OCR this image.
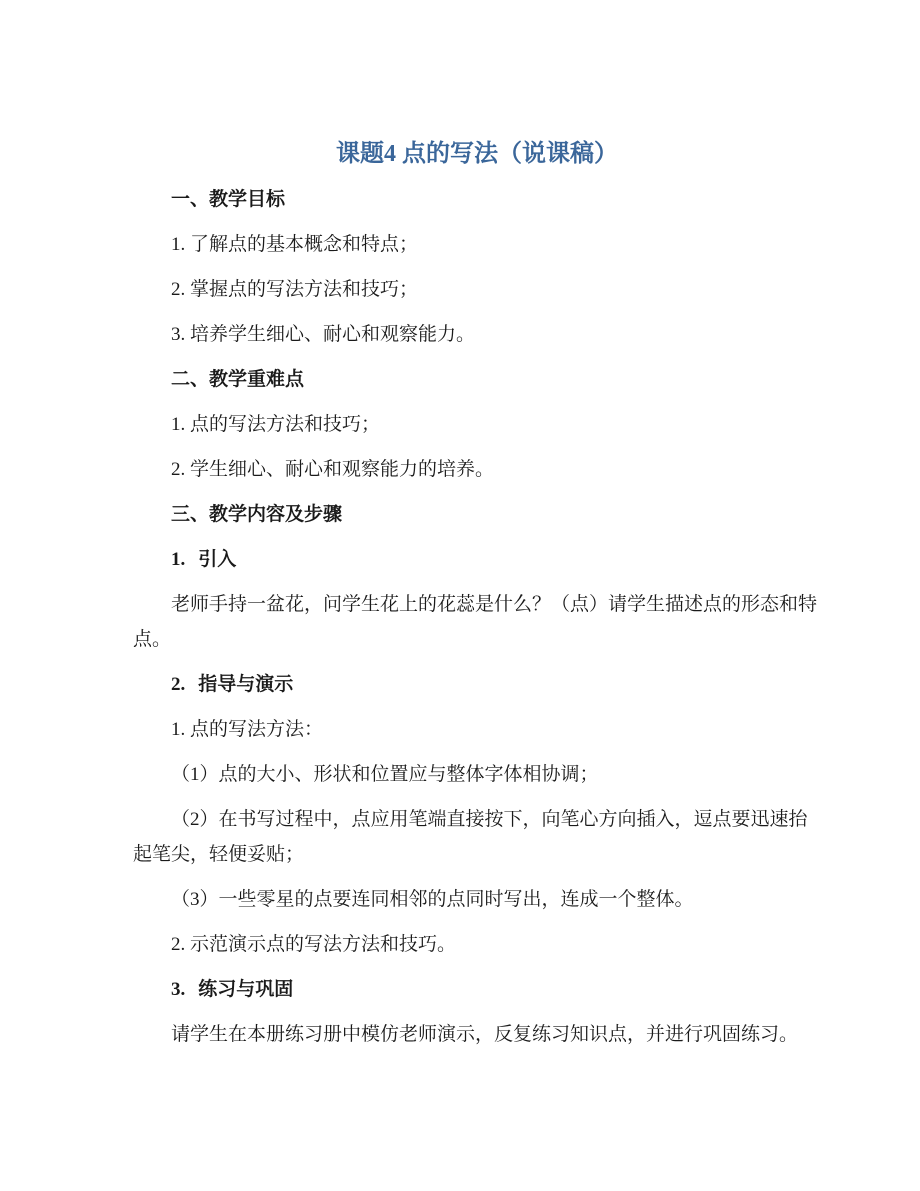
课题4 点的写法（说课稿）

一、教学目标

1. 了解点的基本概念和特点；

2. 掌握点的写法方法和技巧；

3. 培养学生细心、耐心和观察能力。

二、教学重难点

1. 点的写法方法和技巧；

2. 学生细心、耐心和观察能力的培养。

三、教学内容及步骤

1. 引入

老师手持一盆花，问学生花上的花蕊是什么？（点）请学生描述点的形态和特点。

2. 指导与演示

1. 点的写法方法：

（1）点的大小、形状和位置应与整体字体相协调；

（2）在书写过程中，点应用笔端直接按下，向笔心方向插入，逗点要迅速抬起笔尖，轻便妥贴；

（3）一些零星的点要连同相邻的点同时写出，连成一个整体。

2. 示范演示点的写法方法和技巧。

3. 练习与巩固

请学生在本册练习册中模仿老师演示，反复练习知识点，并进行巩固练习。
